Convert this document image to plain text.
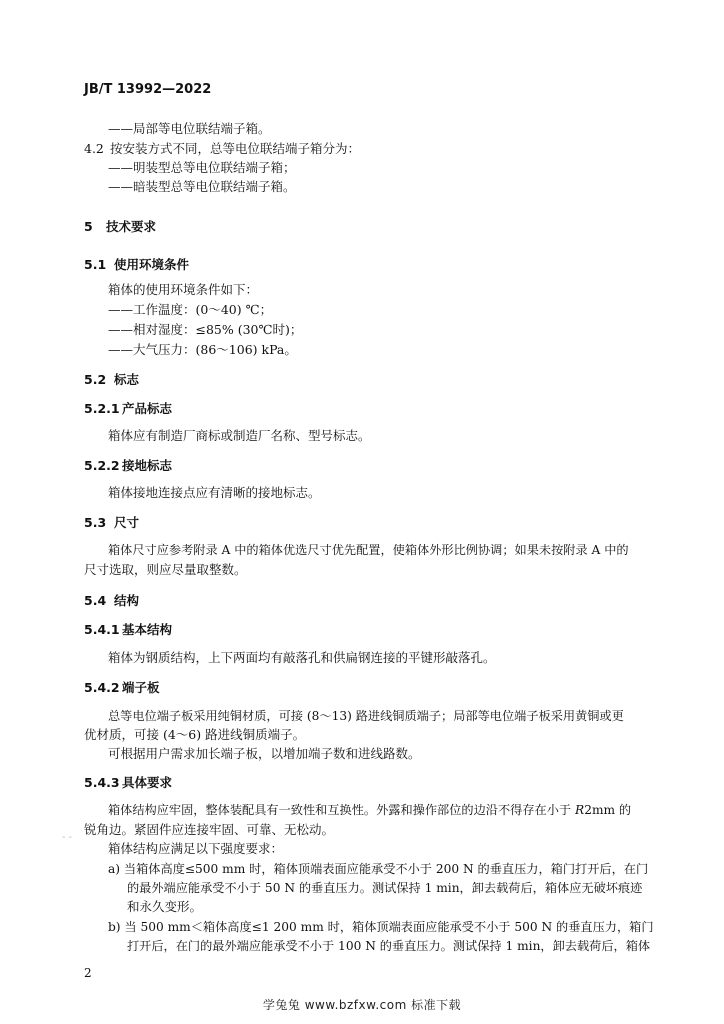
JB/T 13992—2022
——局部等电位联结端子箱。
4.2 按安装方式不同，总等电位联结端子箱分为：
——明装型总等电位联结端子箱；
——暗装型总等电位联结端子箱。
5 技术要求
5.1 使用环境条件
箱体的使用环境条件如下：
——工作温度：(0～40) ℃；
——相对湿度：≤85% (30℃时)；
——大气压力：(86～106) kPa。
5.2 标志
5.2.1 产品标志
箱体应有制造厂商标或制造厂名称、型号标志。
5.2.2 接地标志
箱体接地连接点应有清晰的接地标志。
5.3 尺寸
箱体尺寸应参考附录 A 中的箱体优选尺寸优先配置，使箱体外形比例协调；如果未按附录 A 中的
尺寸选取，则应尽量取整数。
5.4 结构
5.4.1 基本结构
箱体为钢质结构，上下两面均有敲落孔和供扁钢连接的平键形敲落孔。
5.4.2 端子板
总等电位端子板采用纯铜材质，可接 (8～13) 路进线铜质端子；局部等电位端子板采用黄铜或更
优材质，可接 (4～6) 路进线铜质端子。
可根据用户需求加长端子板，以增加端子数和进线路数。
5.4.3 具体要求
箱体结构应牢固，整体装配具有一致性和互换性。外露和操作部位的边沿不得存在小于 R2mm 的
锐角边。紧固件应连接牢固、可靠、无松动。
- -
箱体结构应满足以下强度要求：
a) 当箱体高度≤500 mm 时，箱体顶端表面应能承受不小于 200 N 的垂直压力，箱门打开后，在门
的最外端应能承受不小于 50 N 的垂直压力。测试保持 1 min，卸去载荷后，箱体应无破坏痕迹
和永久变形。
b) 当 500 mm＜箱体高度≤1 200 mm 时，箱体顶端表面应能承受不小于 500 N 的垂直压力，箱门
打开后，在门的最外端应能承受不小于 100 N 的垂直压力。测试保持 1 min，卸去载荷后，箱体
2
学兔兔 www.bzfxw.com 标准下载
